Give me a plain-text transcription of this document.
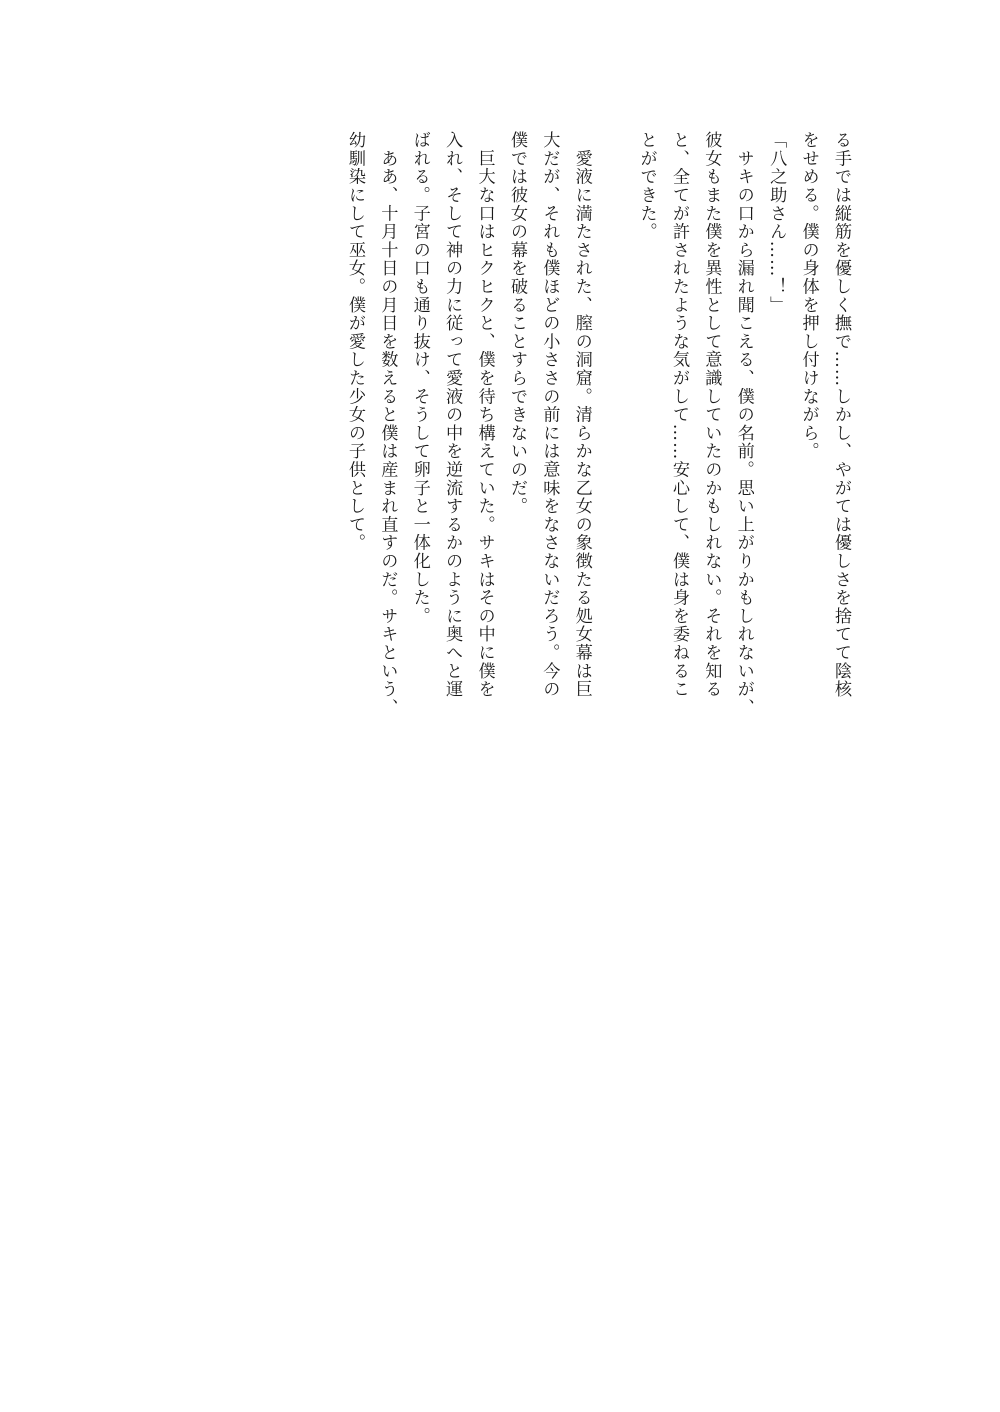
る手では縦筋を優しく撫で……しかし、やがては優しさを捨てて陰核
をせめる。僕の身体を押し付けながら。
「八之助さん……！」
　サキの口から漏れ聞こえる、僕の名前。思い上がりかもしれないが、
彼女もまた僕を異性として意識していたのかもしれない。それを知る
と、全てが許されたような気がして……安心して、僕は身を委ねるこ
とができた。
　愛液に満たされた、膣の洞窟。清らかな乙女の象徴たる処女幕は巨
大だが、それも僕ほどの小ささの前には意味をなさないだろう。今の
僕では彼女の幕を破ることすらできないのだ。
　巨大な口はヒクヒクと、僕を待ち構えていた。サキはその中に僕を
入れ、そして神の力に従って愛液の中を逆流するかのように奥へと運
ばれる。子宮の口も通り抜け、そうして卵子と一体化した。
　ああ、十月十日の月日を数えると僕は産まれ直すのだ。サキという、
幼馴染にして巫女。僕が愛した少女の子供として。
